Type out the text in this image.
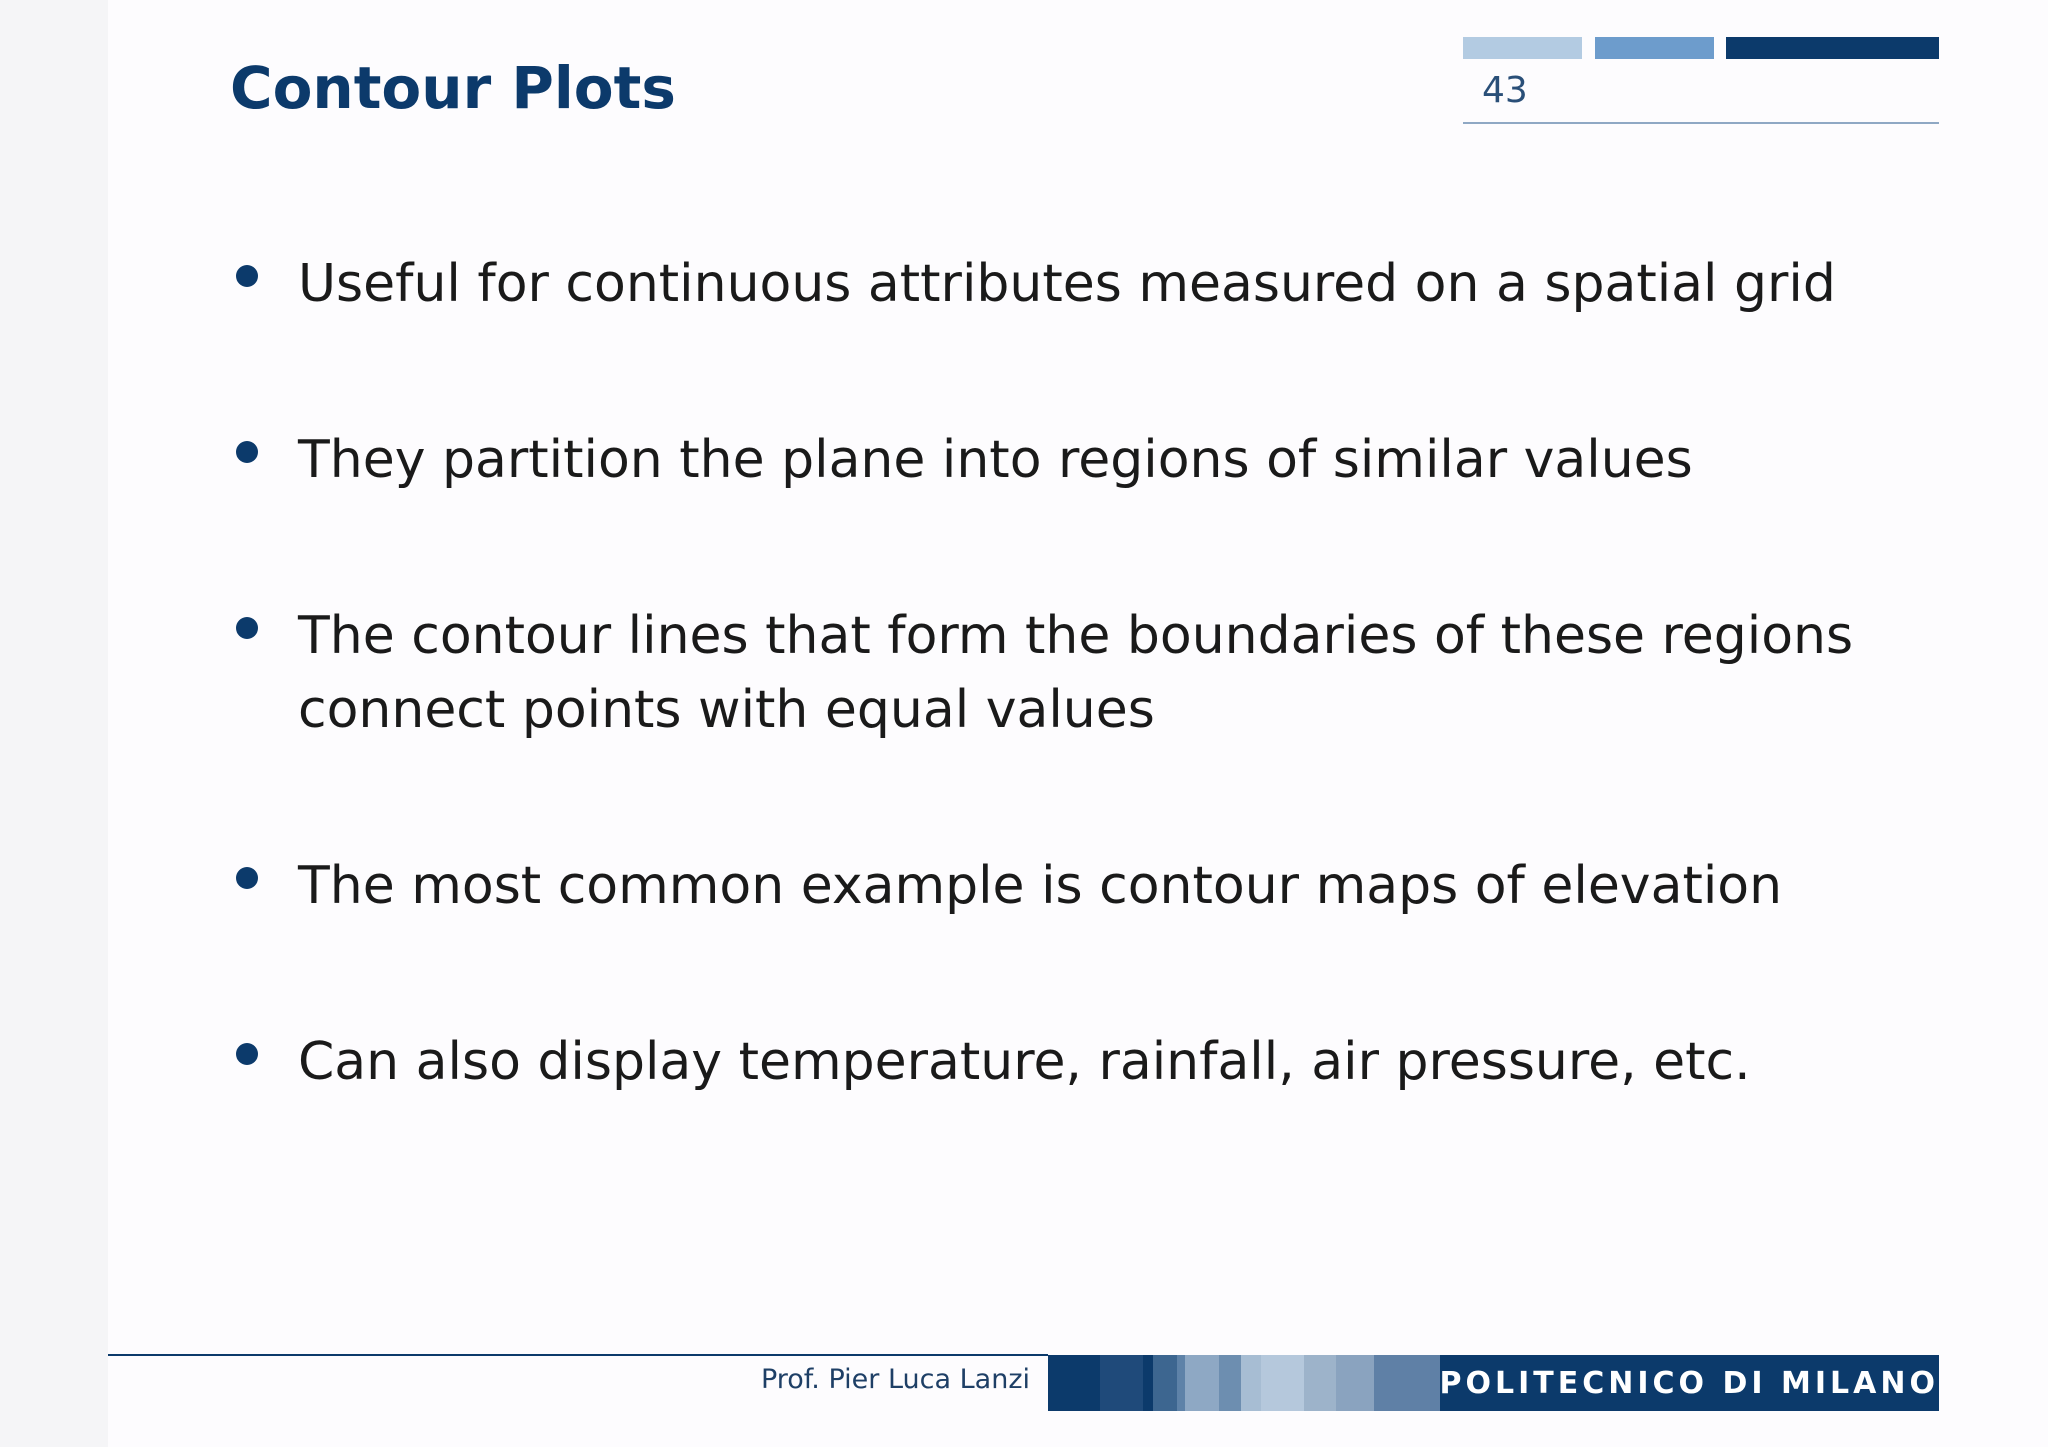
Contour Plots	43
Useful for continuous attributes measured on a spatial grid
They partition the plane into regions of similar values
The contour lines that form the boundaries of these regions
connect points with equal values
The most common example is contour maps of elevation
Can also display temperature, rainfall, air pressure, etc.
Prof. Pier Luca Lanzi	POLITECNICO DI MILANO
